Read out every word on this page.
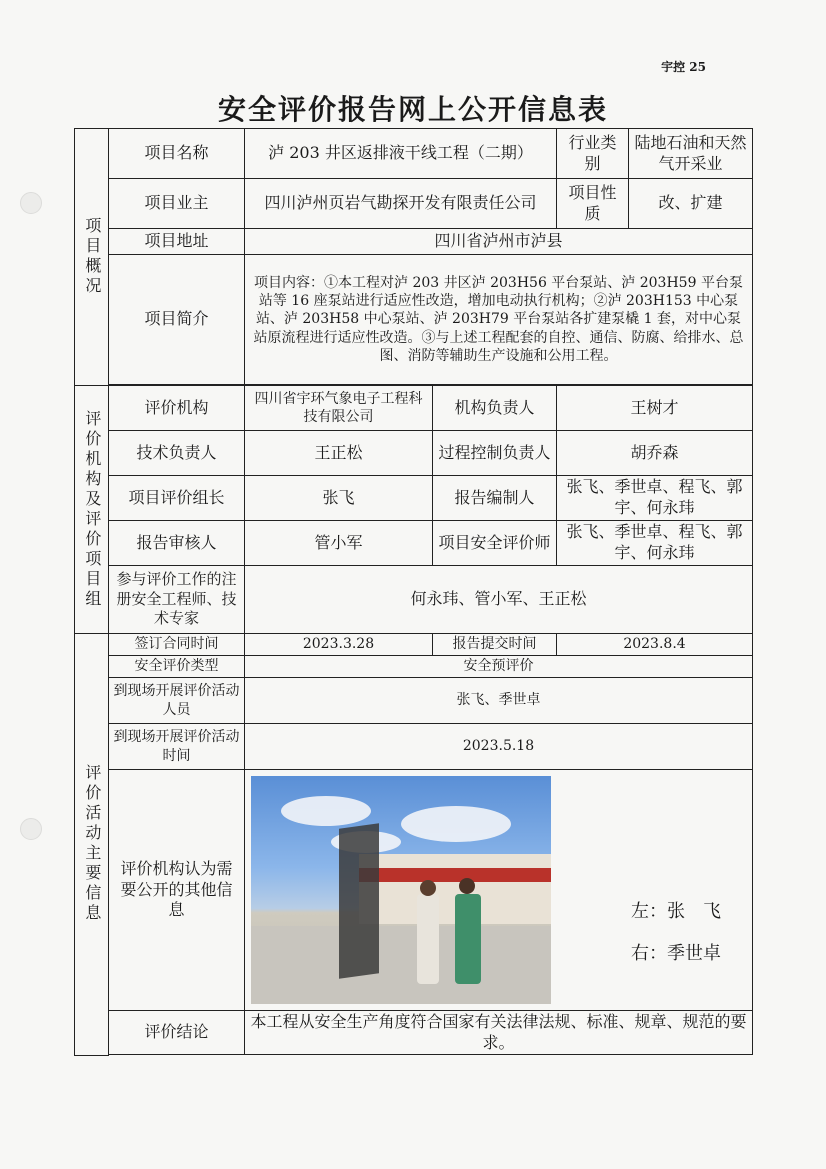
宇控 25
安全评价报告网上公开信息表
项目概况	项目名称	泸 203 井区返排液干线工程（二期）		行业类别	陆地石油和天然气开采业
	项目业主	四川泸州页岩气勘探开发有限责任公司		项目性质	改、扩建
	项目地址	四川省泸州市泸县			
	项目简介	项目内容：①本工程对泸 203 井区泸 203H56 平台泵站、泸 203H59 平台泵站等 16 座泵站进行适应性改造，增加电动执行机构；②泸 203H153 中心泵站、泸 203H58 中心泵站、泸 203H79 平台泵站各扩建泵橇 1 套，对中心泵站原流程进行适应性改造。③与上述工程配套的自控、通信、防腐、给排水、总图、消防等辅助生产设施和公用工程。			

评价机构及评价项目组	评价机构	四川省宇环气象电子工程科技有限公司	机构负责人	王树才	
	技术负责人	王正松	过程控制负责人	胡乔森	
	项目评价组长	张飞	报告编制人	张飞、季世卓、程飞、郭宇、何永玮	
	报告审核人	管小军	项目安全评价师	张飞、季世卓、程飞、郭宇、何永玮	
	参与评价工作的注册安全工程师、技术专家	何永玮、管小军、王正松			
评价活动主要信息	签订合同时间	2023.3.28	报告提交时间	2023.8.4	
	安全评价类型	安全预评价			
	到现场开展评价活动人员	张飞、季世卓			
	到现场开展评价活动时间	2023.5.18			
	评价机构认为需要公开的其他信息	左：张　飞
右：季世卓			

	评价结论	本工程从安全生产角度符合国家有关法律法规、标准、规章、规范的要求。			
